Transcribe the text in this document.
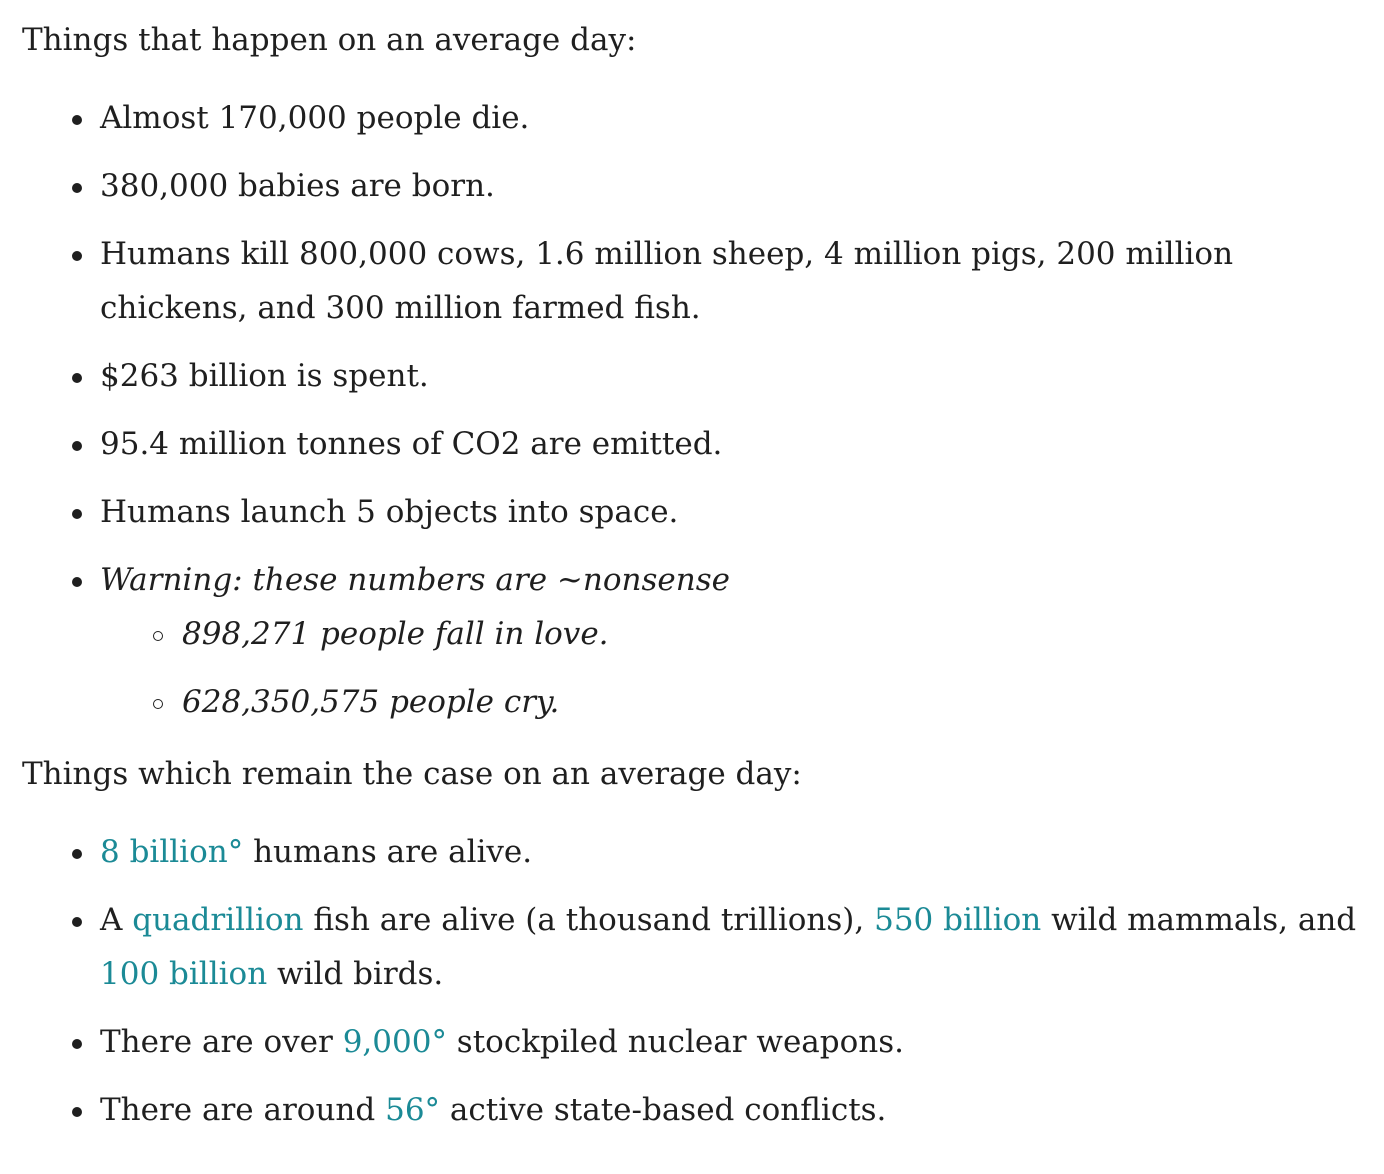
Things that happen on an average day:

Almost 170,000 people die.
380,000 babies are born.
Humans kill 800,000 cows, 1.6 million sheep, 4 million pigs, 200 million chickens, and 300 million farmed fish.
$263 billion is spent.
95.4 million tonnes of CO2 are emitted.
Humans launch 5 objects into space.
Warning: these numbers are ~nonsense
898,271 people fall in love.
628,350,575 people cry.

Things which remain the case on an average day:

8 billion° humans are alive.
A quadrillion fish are alive (a thousand trillions), 550 billion wild mammals, and 100 billion wild birds.
There are over 9,000° stockpiled nuclear weapons.
There are around 56° active state-based conflicts.
